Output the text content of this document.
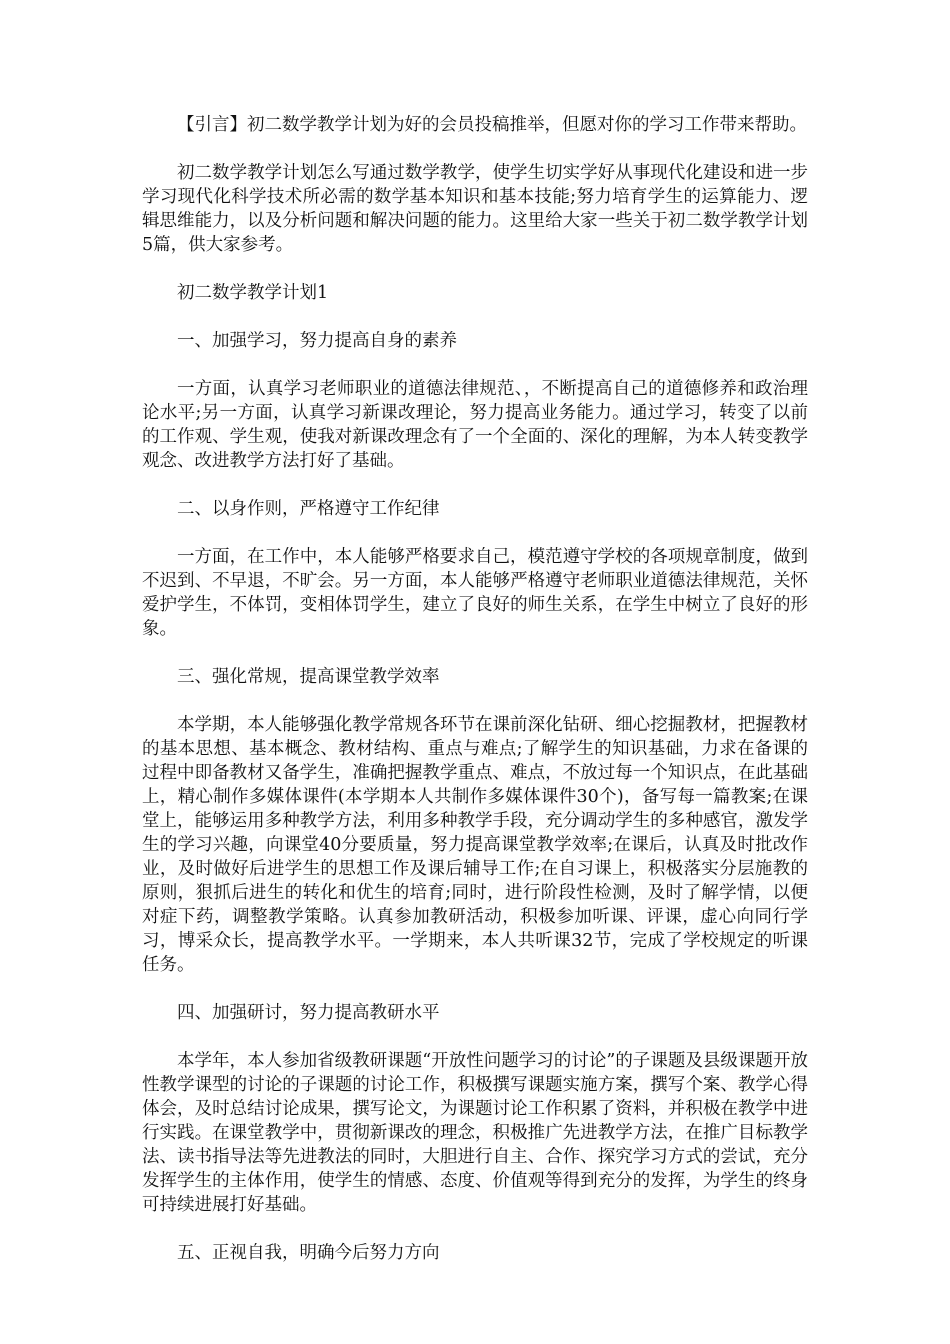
【引言】初二数学教学计划为好的会员投稿推举，但愿对你的学习工作带来帮助。

初二数学教学计划怎么写通过数学教学，使学生切实学好从事现代化建设和进一步学习现代化科学技术所必需的数学基本知识和基本技能;努力培育学生的运算能力、逻辑思维能力，以及分析问题和解决问题的能力。这里给大家一些关于初二数学教学计划5篇，供大家参考。

初二数学教学计划1

一、加强学习，努力提高自身的素养

一方面，认真学习老师职业的道德法律规范、，不断提高自己的道德修养和政治理论水平;另一方面，认真学习新课改理论，努力提高业务能力。通过学习，转变了以前的工作观、学生观，使我对新课改理念有了一个全面的、深化的理解，为本人转变教学观念、改进教学方法打好了基础。

二、以身作则，严格遵守工作纪律

一方面，在工作中，本人能够严格要求自己，模范遵守学校的各项规章制度，做到不迟到、不早退，不旷会。另一方面，本人能够严格遵守老师职业道德法律规范，关怀爱护学生，不体罚，变相体罚学生，建立了良好的师生关系，在学生中树立了良好的形象。

三、强化常规，提高课堂教学效率

本学期，本人能够强化教学常规各环节在课前深化钻研、细心挖掘教材，把握教材的基本思想、基本概念、教材结构、重点与难点;了解学生的知识基础，力求在备课的过程中即备教材又备学生，准确把握教学重点、难点，不放过每一个知识点，在此基础上，精心制作多媒体课件(本学期本人共制作多媒体课件30个)，备写每一篇教案;在课堂上，能够运用多种教学方法，利用多种教学手段，充分调动学生的多种感官，激发学生的学习兴趣，向课堂40分要质量，努力提高课堂教学效率;在课后，认真及时批改作业，及时做好后进学生的思想工作及课后辅导工作;在自习课上，积极落实分层施教的原则，狠抓后进生的转化和优生的培育;同时，进行阶段性检测，及时了解学情，以便对症下药，调整教学策略。认真参加教研活动，积极参加听课、评课，虚心向同行学习，博采众长，提高教学水平。一学期来，本人共听课32节，完成了学校规定的听课任务。

四、加强研讨，努力提高教研水平

本学年，本人参加省级教研课题“开放性问题学习的讨论”的子课题及县级课题开放性教学课型的讨论的子课题的讨论工作，积极撰写课题实施方案，撰写个案、教学心得体会，及时总结讨论成果，撰写论文，为课题讨论工作积累了资料，并积极在教学中进行实践。在课堂教学中，贯彻新课改的理念，积极推广先进教学方法，在推广目标教学法、读书指导法等先进教法的同时，大胆进行自主、合作、探究学习方式的尝试，充分发挥学生的主体作用，使学生的情感、态度、价值观等得到充分的发挥，为学生的终身可持续进展打好基础。

五、正视自我，明确今后努力方向
